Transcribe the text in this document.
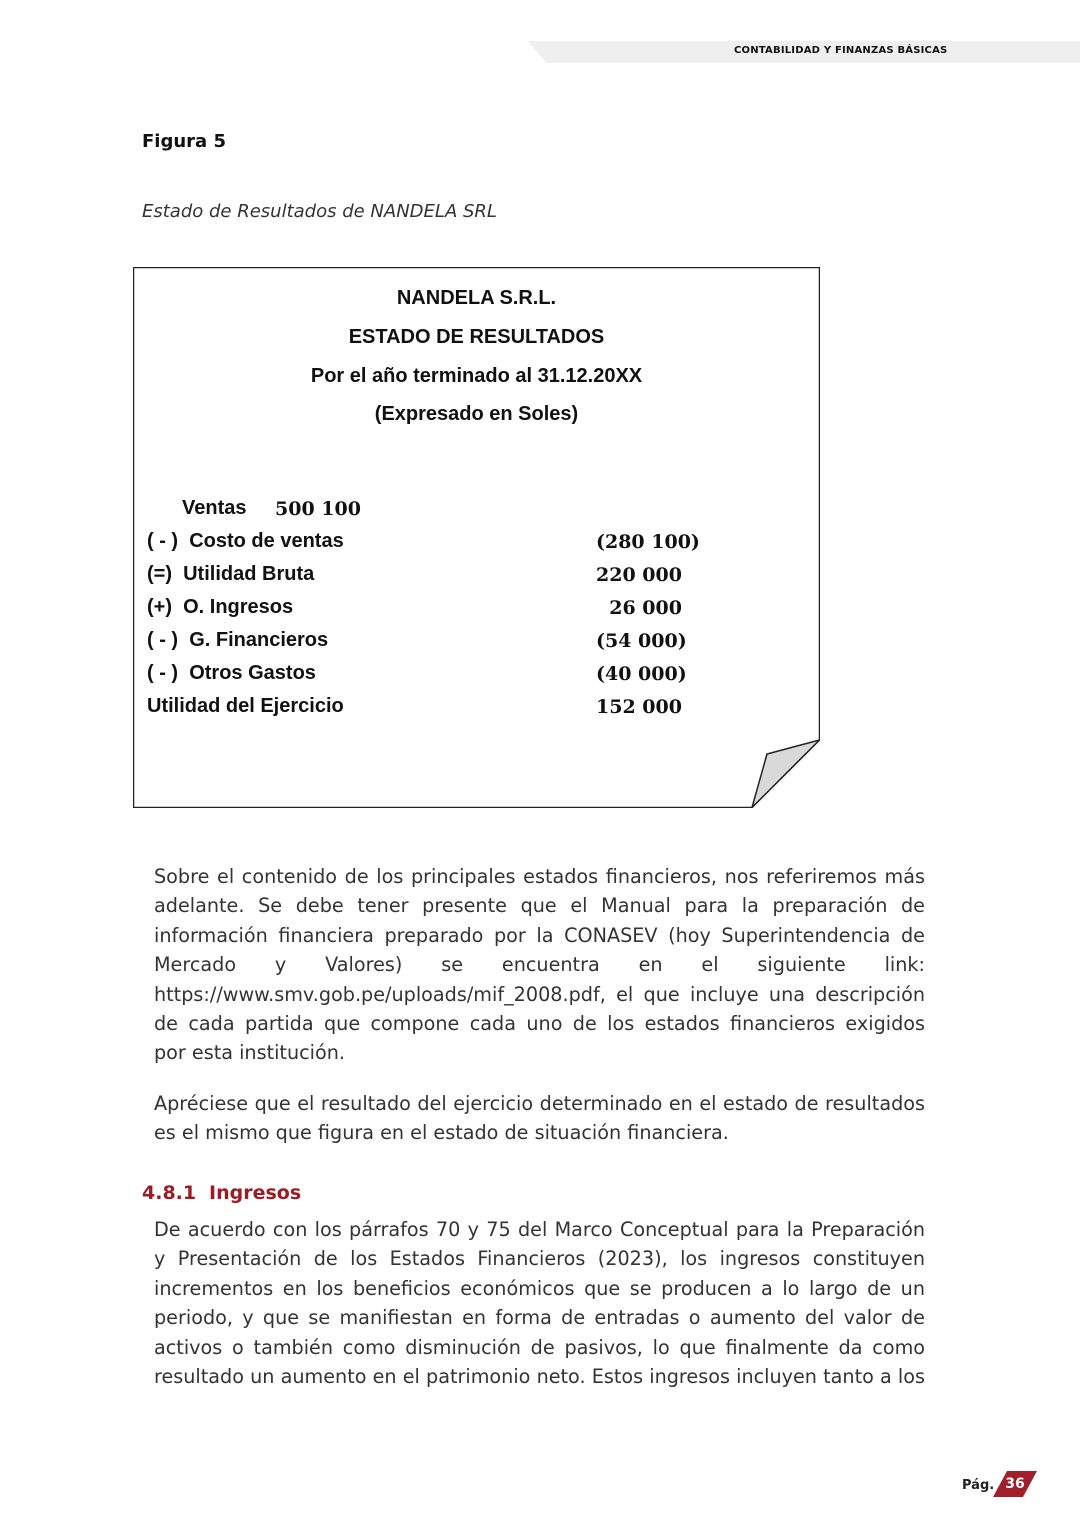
CONTABILIDAD Y FINANZAS BÁSICAS
Figura 5
Estado de Resultados de NANDELA SRL
NANDELA S.R.L.
ESTADO DE RESULTADOS
Por el año terminado al 31.12.20XX
(Expresado en Soles)
Ventas 500 100
( - )  Costo de ventas	(280 100)
(=)  Utilidad Bruta	220 000
(+)  O. Ingresos	26 000
( - )  G. Financieros	(54 000)
( - )  Otros Gastos	(40 000)
Utilidad del Ejercicio	152 000
Sobre el contenido de los principales estados financieros, nos referiremos más
adelante. Se debe tener presente que el Manual para la preparación de
información financiera preparado por la CONASEV (hoy Superintendencia de
Mercado y Valores) se encuentra en el siguiente link:
https://www.smv.gob.pe/uploads/mif_2008.pdf, el que incluye una descripción
de cada partida que compone cada uno de los estados financieros exigidos
por esta institución.
Apréciese que el resultado del ejercicio determinado en el estado de resultados
es el mismo que figura en el estado de situación financiera.
4.8.1 Ingresos
De acuerdo con los párrafos 70 y 75 del Marco Conceptual para la Preparación
y Presentación de los Estados Financieros (2023), los ingresos constituyen
incrementos en los beneficios económicos que se producen a lo largo de un
periodo, y que se manifiestan en forma de entradas o aumento del valor de
activos o también como disminución de pasivos, lo que finalmente da como
resultado un aumento en el patrimonio neto. Estos ingresos incluyen tanto a los
Pág. 36
